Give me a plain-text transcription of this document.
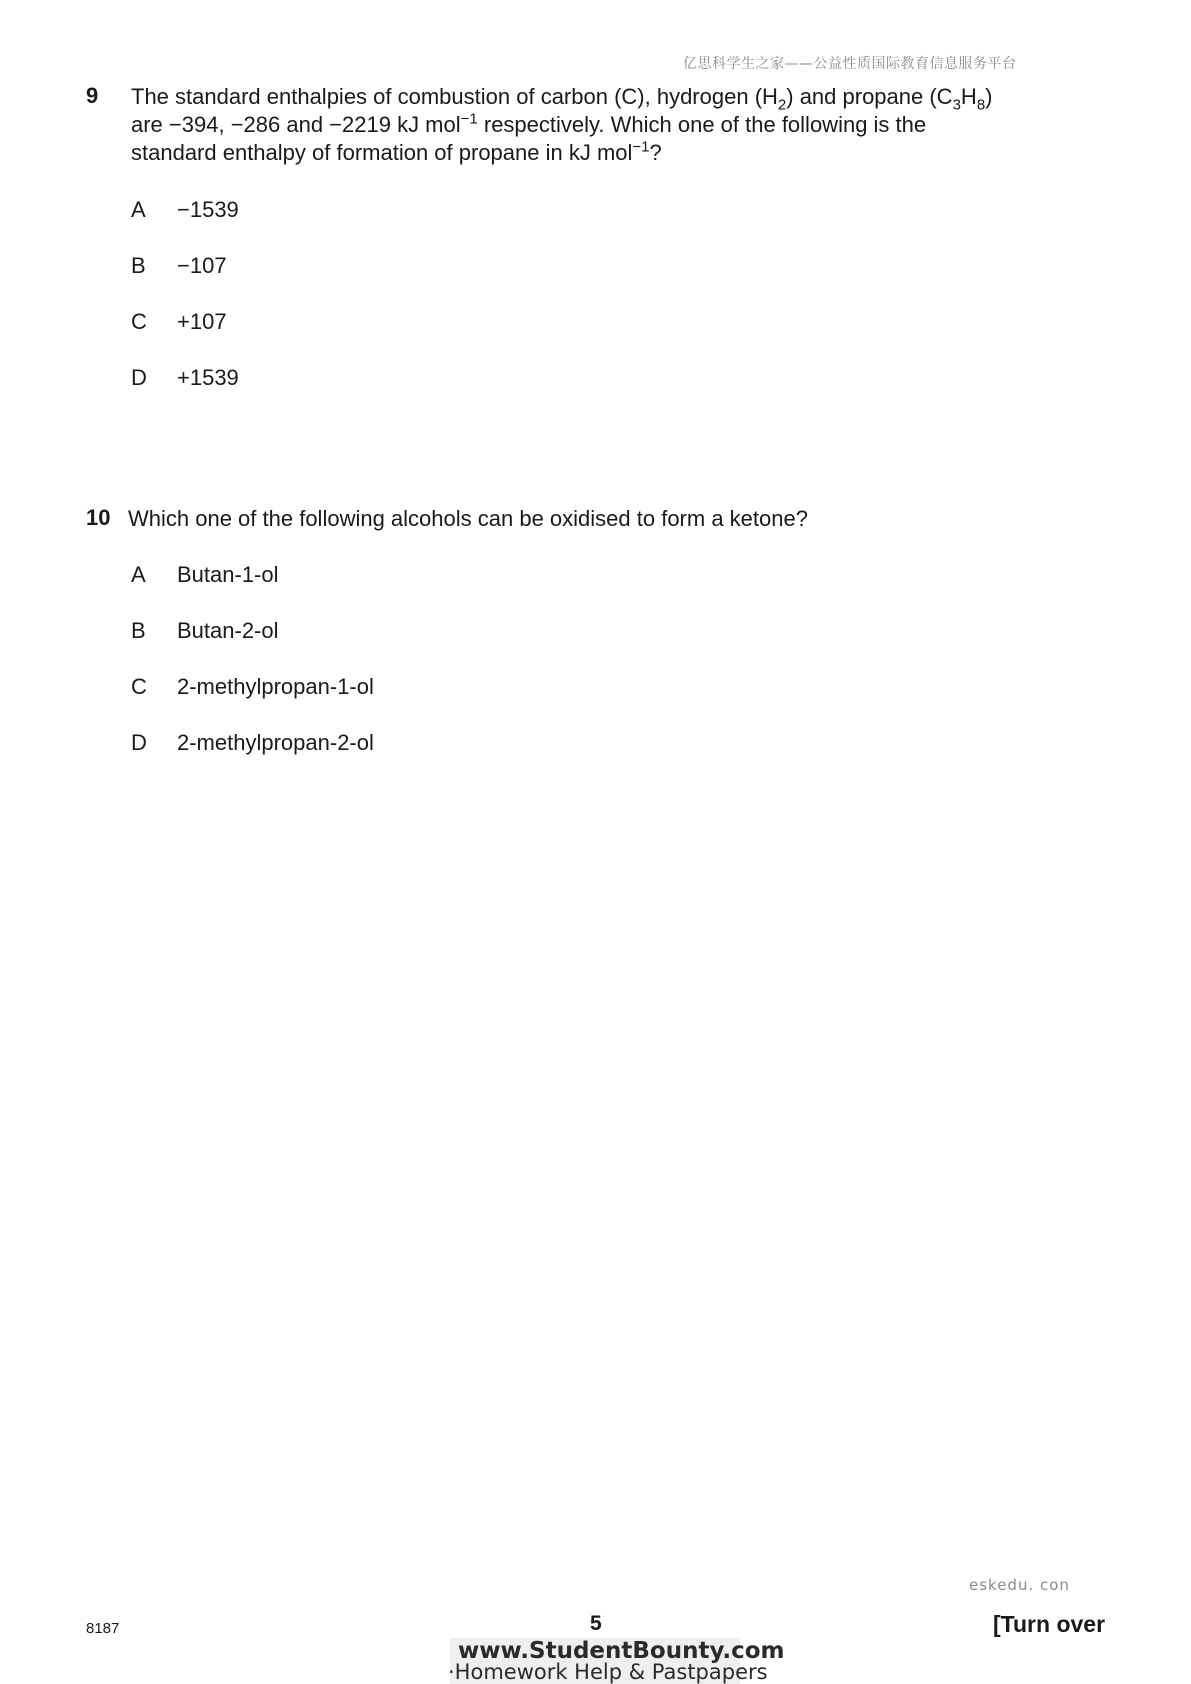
亿思科学生之家——公益性质国际教育信息服务平台
9 The standard enthalpies of combustion of carbon (C), hydrogen $(H_2)$ and propane $(C_3H_8)$
are −394, −286 and −2219 kJ mol$^{-1}$ respectively. Which one of the following is the
standard enthalpy of formation of propane in kJ mol$^{-1}$?
A −1539
B −107
C +107
D +1539
10 Which one of the following alcohols can be oxidised to form a ketone?
A Butan-1-ol
B Butan-2-ol
C 2-methylpropan-1-ol
D 2-methylpropan-2-ol
eskedu. con
8187	5	[Turn over
www.StudentBounty.com
·Homework Help & Pastpapers
